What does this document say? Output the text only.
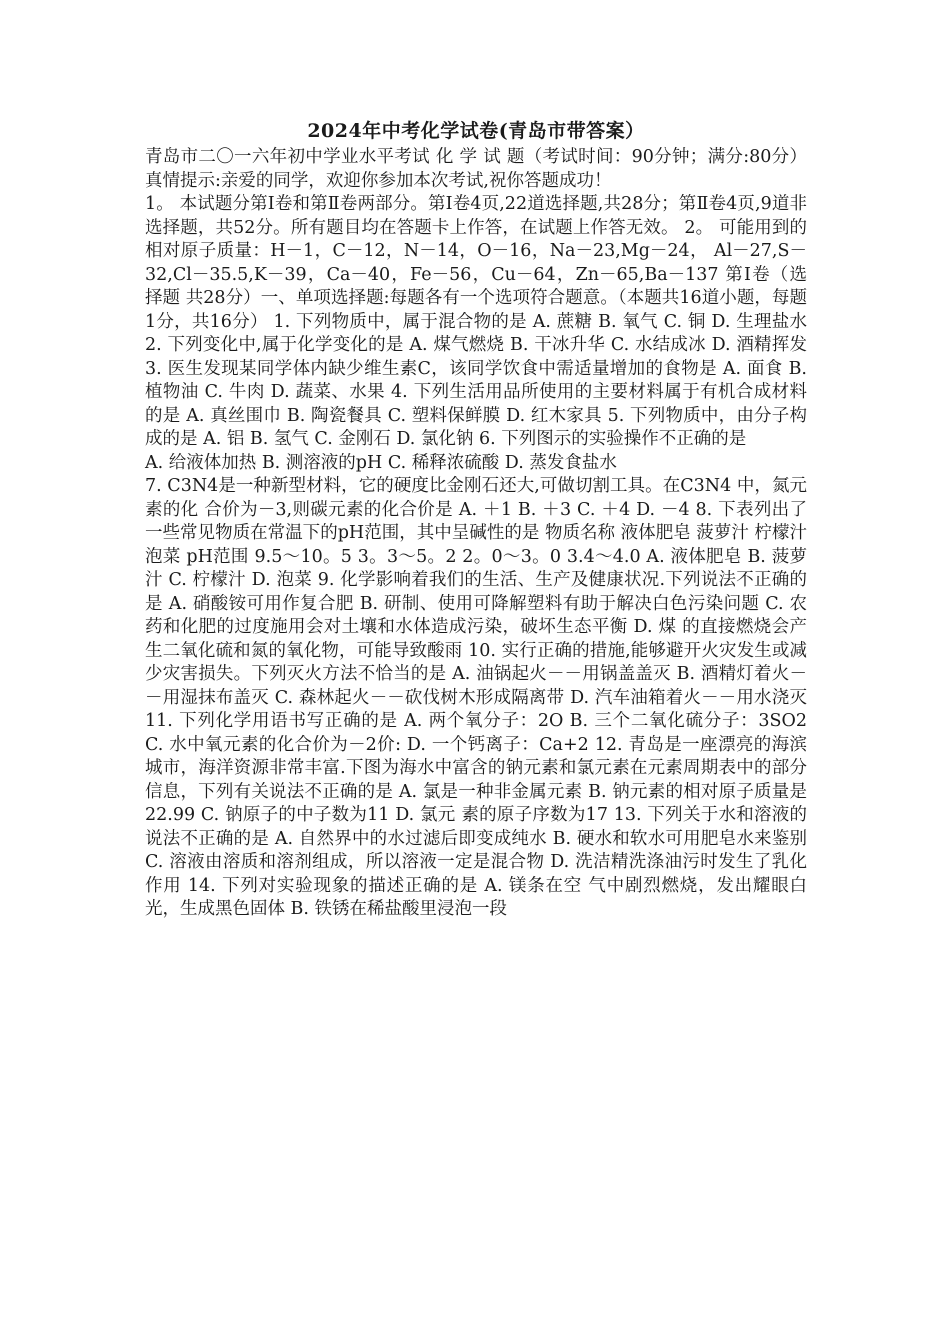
2024年中考化学试卷(青岛市带答案）

青岛市二〇一六年初中学业水平考试 化 学 试 题（考试时间：90分钟；满分:80分） 真情提示:亲爱的同学，欢迎你参加本次考试,祝你答题成功！

1。 本试题分第Ⅰ卷和第Ⅱ卷两部分。第Ⅰ卷4页,22道选择题,共28分；第Ⅱ卷4页,9道非选择题，共52分。所有题目均在答题卡上作答，在试题上作答无效。 2。 可能用到的相对原子质量：H－1，C－12，N－14，O－16，Na－23,Mg－24， Al－27,S－32,Cl－35.5,K－39，Ca－40，Fe－56，Cu－64，Zn－65,Ba－137 第Ⅰ卷（选择题 共28分）一、单项选择题:每题各有一个选项符合题意。（本题共16道小题，每题1分，共16分） 1. 下列物质中，属于混合物的是 A. 蔗糖 B. 氧气 C. 铜 D. 生理盐水 2. 下列变化中,属于化学变化的是 A. 煤气燃烧 B. 干冰升华 C. 水结成冰 D. 酒精挥发 3. 医生发现某同学体内缺少维生素C，该同学饮食中需适量增加的食物是 A. 面食 B. 植物油 C. 牛肉 D. 蔬菜、水果 4. 下列生活用品所使用的主要材料属于有机合成材料的是 A. 真丝围巾 B. 陶瓷餐具 C. 塑料保鲜膜 D. 红木家具 5. 下列物质中，由分子构成的是 A. 铝 B. 氢气 C. 金刚石 D. 氯化钠 6. 下列图示的实验操作不正确的是

A. 给液体加热 B. 测溶液的pH C. 稀释浓硫酸 D. 蒸发食盐水

7. C3N4是一种新型材料，它的硬度比金刚石还大,可做切割工具。在C3N4 中，氮元素的化 合价为－3,则碳元素的化合价是 A. ＋1 B. ＋3 C. ＋4 D. －4 8. 下表列出了一些常见物质在常温下的pH范围，其中呈碱性的是 物质名称 液体肥皂 菠萝汁 柠檬汁 泡菜 pH范围 9.5～10。5 3。3～5。2 2。0～3。0 3.4～4.0 A. 液体肥皂 B. 菠萝汁 C. 柠檬汁 D. 泡菜 9. 化学影响着我们的生活、生产及健康状况.下列说法不正确的是 A. 硝酸铵可用作复合肥 B. 研制、使用可降解塑料有助于解决白色污染问题 C. 农药和化肥的过度施用会对土壤和水体造成污染，破坏生态平衡 D. 煤 的直接燃烧会产生二氧化硫和氮的氧化物，可能导致酸雨 10. 实行正确的措施,能够避开火灾发生或减少灾害损失。下列灭火方法不恰当的是 A. 油锅起火－－用锅盖盖灭 B. 酒精灯着火－－用湿抹布盖灭 C. 森林起火－－砍伐树木形成隔离带 D. 汽车油箱着火－－用水浇灭 11. 下列化学用语书写正确的是 A. 两个氧分子：2O B. 三个二氧化硫分子：3SO2 C. 水中氧元素的化合价为－2价: D. 一个钙离子：Ca+2 12. 青岛是一座漂亮的海滨城市，海洋资源非常丰富.下图为海水中富含的钠元素和氯元素在元素周期表中的部分信息，下列有关说法不正确的是 A. 氯是一种非金属元素 B. 钠元素的相对原子质量是22.99 C. 钠原子的中子数为11 D. 氯元 素的原子序数为17 13. 下列关于水和溶液的说法不正确的是 A. 自然界中的水过滤后即变成纯水 B. 硬水和软水可用肥皂水来鉴别 C. 溶液由溶质和溶剂组成，所以溶液一定是混合物 D. 洗洁精洗涤油污时发生了乳化作用 14. 下列对实验现象的描述正确的是 A. 镁条在空 气中剧烈燃烧，发出耀眼白光，生成黑色固体 B. 铁锈在稀盐酸里浸泡一段
